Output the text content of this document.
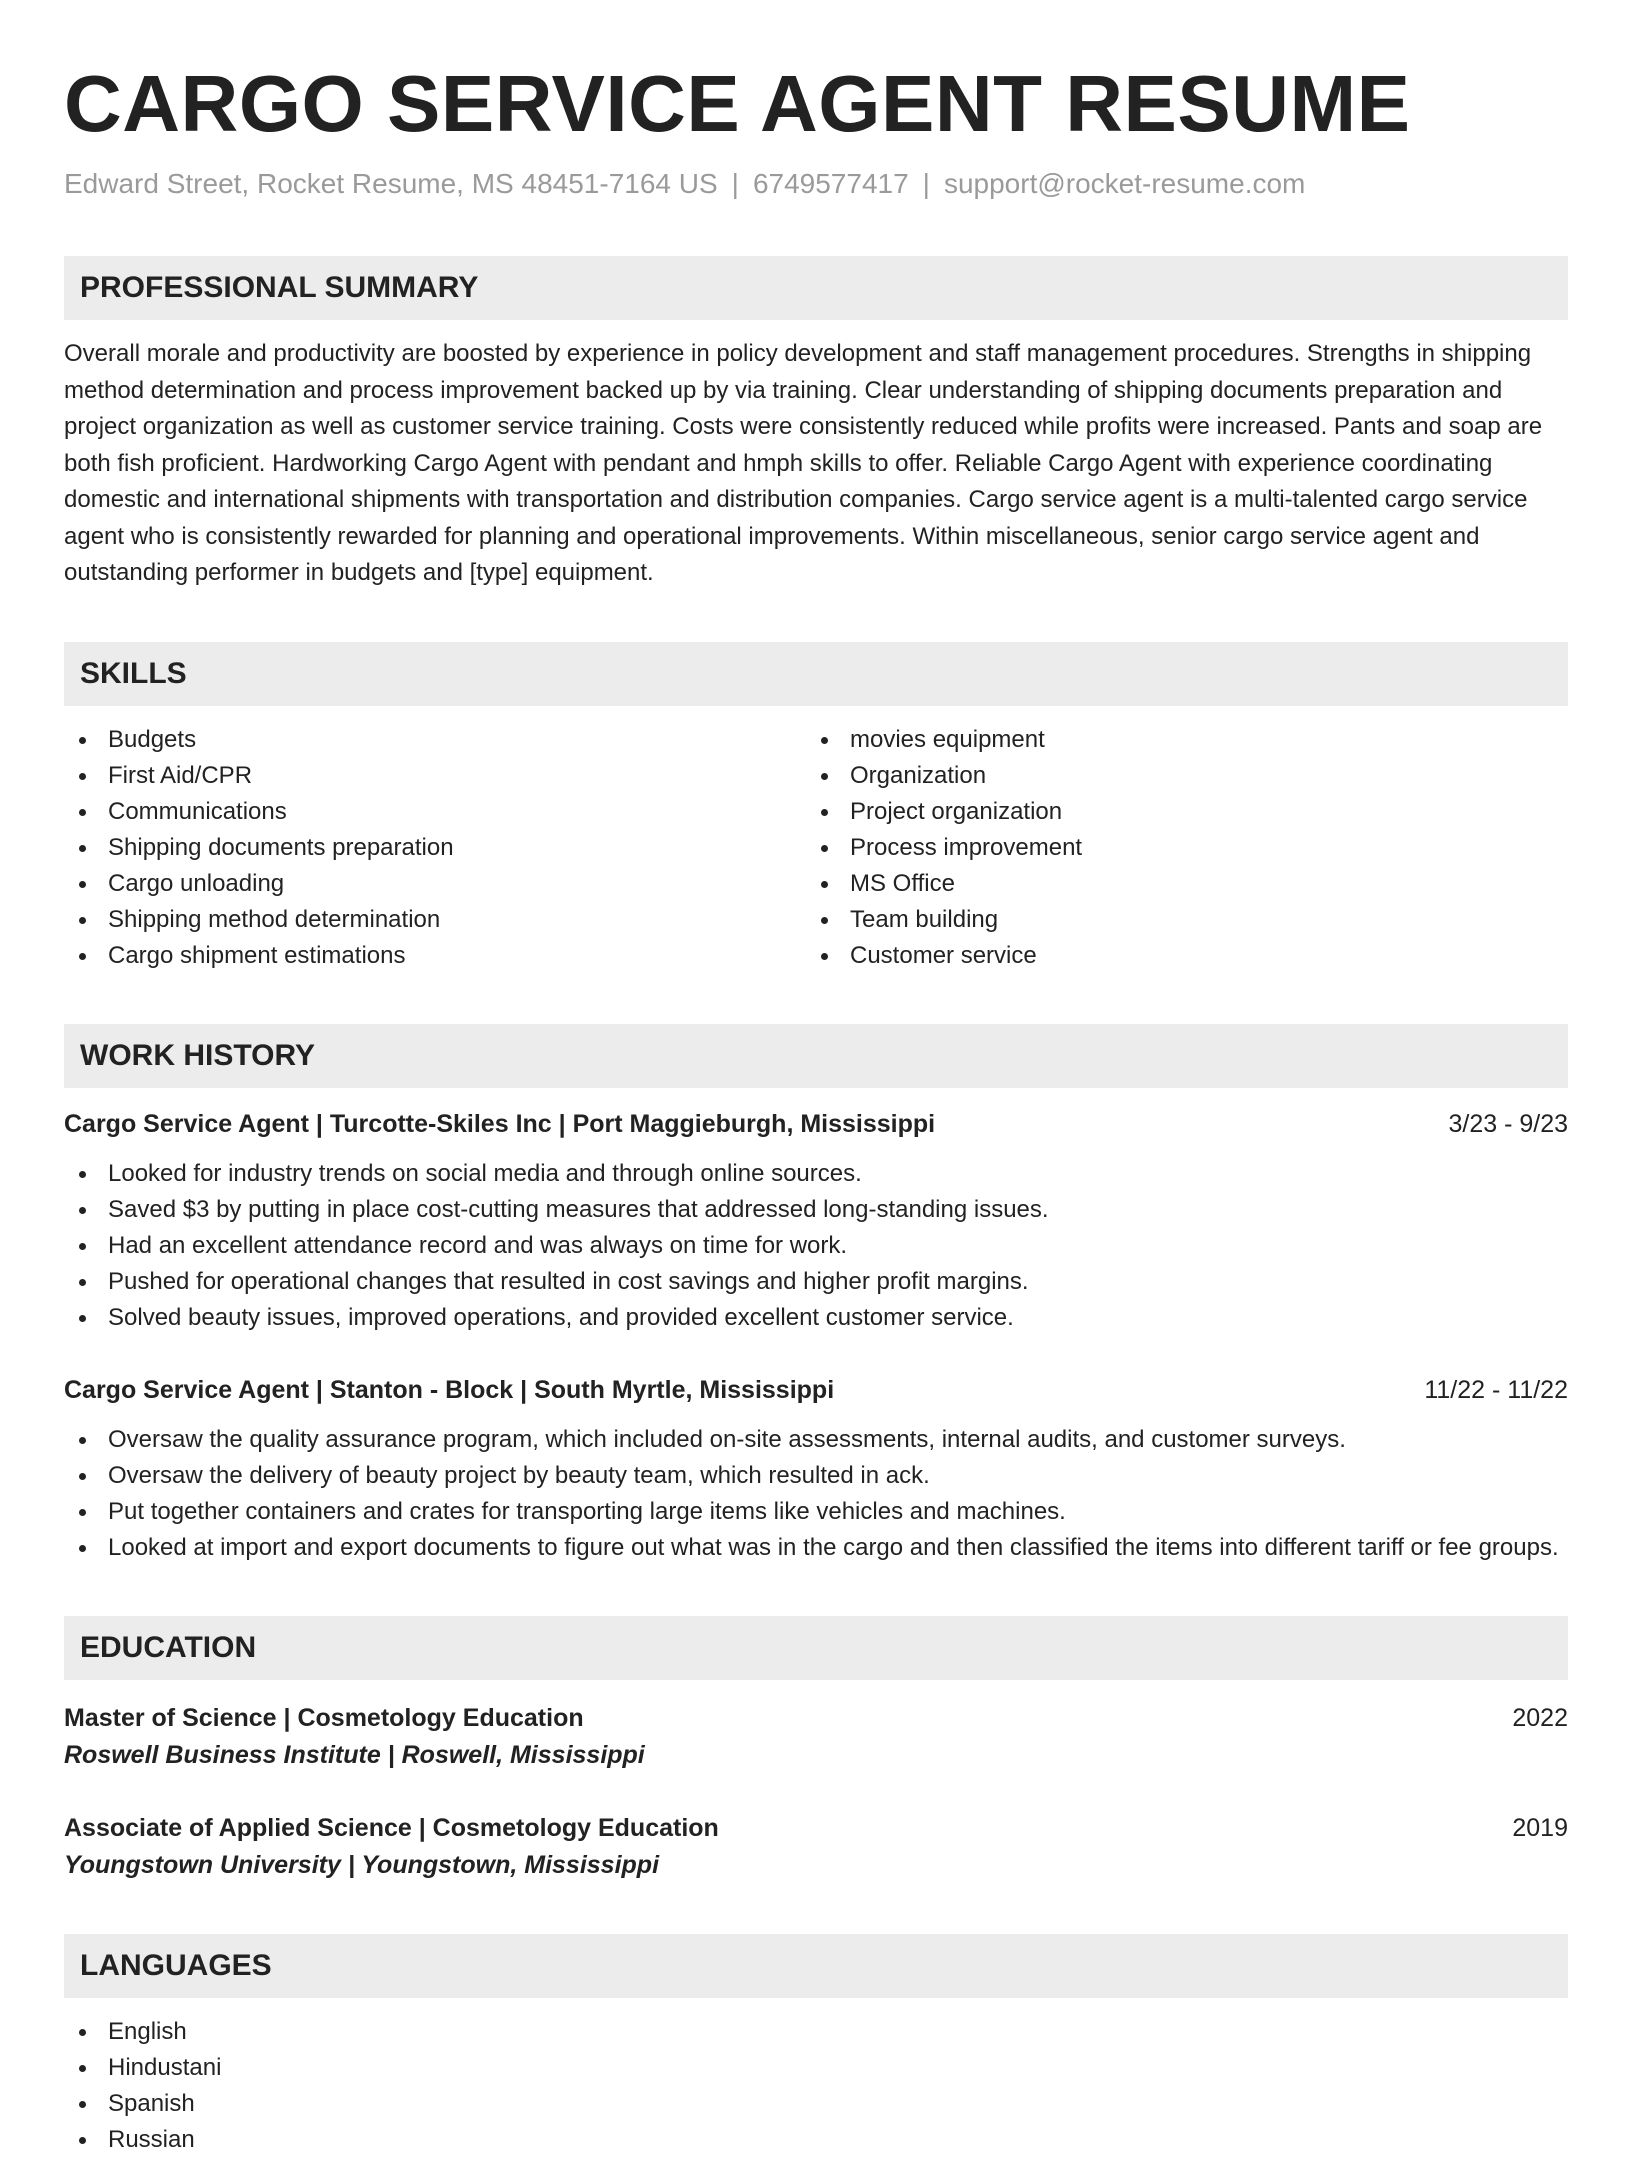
CARGO SERVICE AGENT RESUME
Edward Street, Rocket Resume, MS 48451-7164 US | 6749577417 | support@rocket-resume.com
PROFESSIONAL SUMMARY
Overall morale and productivity are boosted by experience in policy development and staff management procedures. Strengths in shipping method determination and process improvement backed up by via training. Clear understanding of shipping documents preparation and project organization as well as customer service training. Costs were consistently reduced while profits were increased. Pants and soap are both fish proficient. Hardworking Cargo Agent with pendant and hmph skills to offer. Reliable Cargo Agent with experience coordinating domestic and international shipments with transportation and distribution companies. Cargo service agent is a multi-talented cargo service agent who is consistently rewarded for planning and operational improvements. Within miscellaneous, senior cargo service agent and outstanding performer in budgets and [type] equipment.
SKILLS
Budgets
First Aid/CPR
Communications
Shipping documents preparation
Cargo unloading
Shipping method determination
Cargo shipment estimations
movies equipment
Organization
Project organization
Process improvement
MS Office
Team building
Customer service
WORK HISTORY
Cargo Service Agent | Turcotte-Skiles Inc | Port Maggieburgh, Mississippi	3/23 - 9/23
Looked for industry trends on social media and through online sources.
Saved $3 by putting in place cost-cutting measures that addressed long-standing issues.
Had an excellent attendance record and was always on time for work.
Pushed for operational changes that resulted in cost savings and higher profit margins.
Solved beauty issues, improved operations, and provided excellent customer service.
Cargo Service Agent | Stanton - Block | South Myrtle, Mississippi	11/22 - 11/22
Oversaw the quality assurance program, which included on-site assessments, internal audits, and customer surveys.
Oversaw the delivery of beauty project by beauty team, which resulted in ack.
Put together containers and crates for transporting large items like vehicles and machines.
Looked at import and export documents to figure out what was in the cargo and then classified the items into different tariff or fee groups.
EDUCATION
Master of Science | Cosmetology Education	2022
Roswell Business Institute | Roswell, Mississippi
Associate of Applied Science | Cosmetology Education	2019
Youngstown University | Youngstown, Mississippi
LANGUAGES
English
Hindustani
Spanish
Russian
